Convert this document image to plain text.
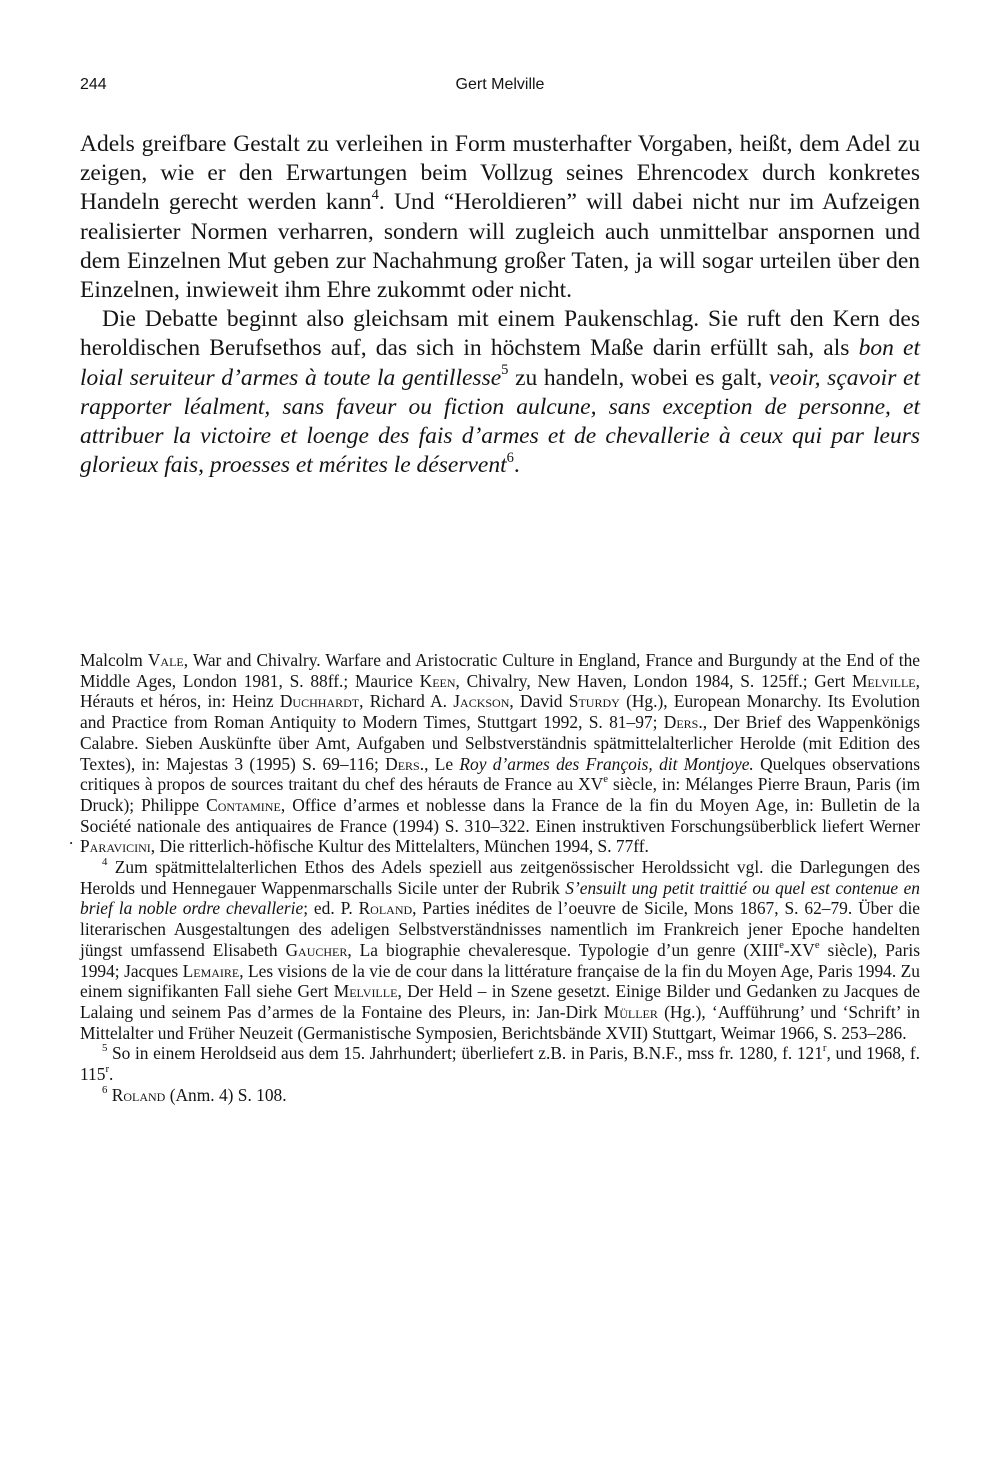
244	Gert Melville

Adels greifbare Gestalt zu verleihen in Form musterhafter Vorgaben, heißt, dem Adel zu zeigen, wie er den Erwartungen beim Vollzug seines Ehrencodex durch konkretes Handeln gerecht werden kann$^4$. Und “Heroldieren” will dabei nicht nur im Aufzeigen realisierter Normen verharren, sondern will zugleich auch unmittelbar anspornen und dem Einzelnen Mut geben zur Nachahmung großer Taten, ja will sogar urteilen über den Einzelnen, inwieweit ihm Ehre zukommt oder nicht.

Die Debatte beginnt also gleichsam mit einem Paukenschlag. Sie ruft den Kern des heroldischen Berufsethos auf, das sich in höchstem Maße darin erfüllt sah, als bon et loial seruiteur d’armes à toute la gentillesse$^5$ zu handeln, wobei es galt, veoir, sçavoir et rapporter léalment, sans faveur ou fiction aulcune, sans exception de personne, et attribuer la victoire et loenge des fais d’armes et de chevallerie à ceux qui par leurs glorieux fais, proesses et mérites le déservent$^6$.

.
Malcolm Vale, War and Chivalry. Warfare and Aristocratic Culture in England, France and Burgundy at the End of the Middle Ages, London 1981, S. 88ff.; Maurice Keen, Chivalry, New Haven, London 1984, S. 125ff.; Gert Melville, Hérauts et héros, in: Heinz Duchhardt, Richard A. Jackson, David Sturdy (Hg.), European Monarchy. Its Evolution and Practice from Roman Antiquity to Modern Times, Stuttgart 1992, S. 81–97; Ders., Der Brief des Wappenkönigs Calabre. Sieben Auskünfte über Amt, Aufgaben und Selbstverständnis spätmittelalterlicher Herolde (mit Edition des Textes), in: Majestas 3 (1995) S. 69–116; Ders., Le Roy d’armes des François, dit Montjoye. Quelques observations critiques à propos de sources traitant du chef des hérauts de France au XVe siècle, in: Mélanges Pierre Braun, Paris (im Druck); Philippe Contamine, Office d’armes et noblesse dans la France de la fin du Moyen Age, in: Bulletin de la Société nationale des antiquaires de France (1994) S. 310–322. Einen instruktiven Forschungsüberblick liefert Werner Paravicini, Die ritterlich-höfische Kultur des Mittelalters, München 1994, S. 77ff.

$^4$ Zum spätmittelalterlichen Ethos des Adels speziell aus zeitgenössischer Heroldssicht vgl. die Darlegungen des Herolds und Hennegauer Wappenmarschalls Sicile unter der Rubrik S’ensuilt ung petit traittié ou quel est contenue en brief la noble ordre chevallerie; ed. P. Roland, Parties inédites de l’oeuvre de Sicile, Mons 1867, S. 62–79. Über die literarischen Ausgestaltungen des adeligen Selbstverständnisses namentlich im Frankreich jener Epoche handelten jüngst umfassend Elisabeth Gaucher, La biographie chevaleresque. Typologie d’un genre (XIIIe-XVe siècle), Paris 1994; Jacques Lemaire, Les visions de la vie de cour dans la littérature française de la fin du Moyen Age, Paris 1994. Zu einem signifikanten Fall siehe Gert Melville, Der Held – in Szene gesetzt. Einige Bilder und Gedanken zu Jacques de Lalaing und seinem Pas d’armes de la Fontaine des Pleurs, in: Jan-Dirk Müller (Hg.), ‘Aufführung’ und ‘Schrift’ in Mittelalter und Früher Neuzeit (Germanistische Symposien, Berichtsbände XVII) Stuttgart, Weimar 1966, S. 253–286.

$^5$ So in einem Heroldseid aus dem 15. Jahrhundert; überliefert z.B. in Paris, B.N.F., mss fr. 1280, f. 121$^r$, und 1968, f. 115$^r$.

$^6$ Roland (Anm. 4) S. 108.
